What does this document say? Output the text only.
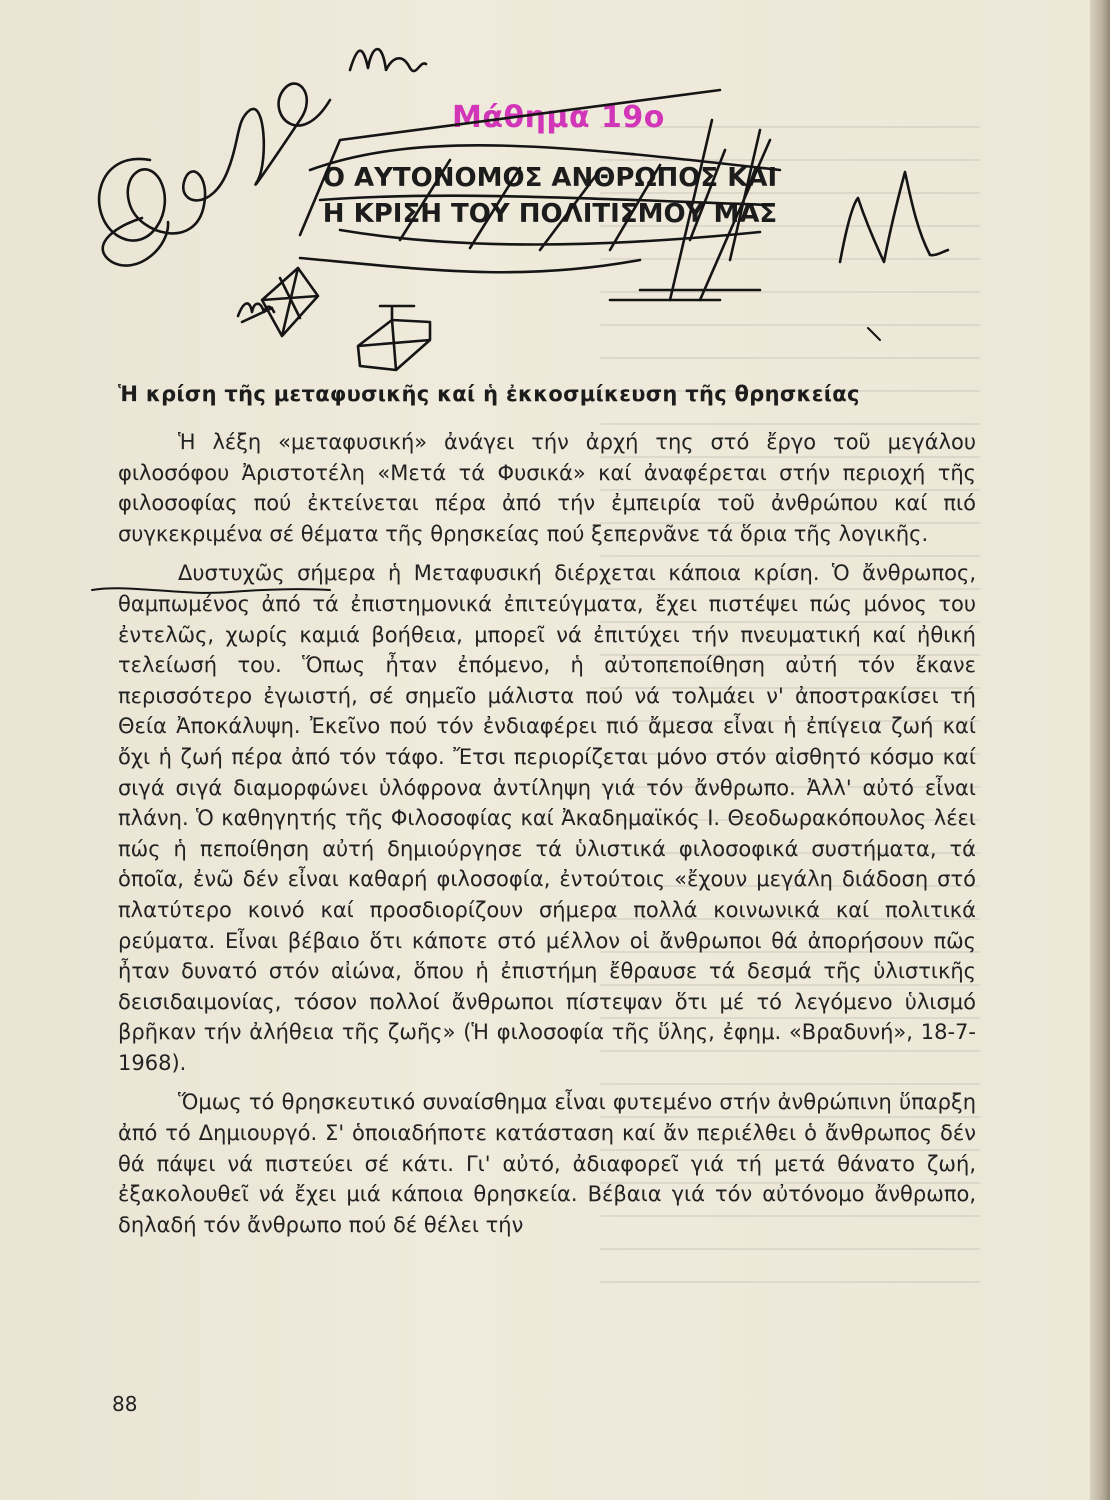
Μάθημα 19ο
Ο ΑΥΤΟΝΟΜΟΣ ΑΝΘΡΩΠΟΣ ΚΑΙ
Η ΚΡΙΣΗ ΤΟΥ ΠΟΛΙΤΙΣΜΟΥ ΜΑΣ
Ἡ κρίση τῆς μεταφυσικῆς καί ἡ ἐκκοσμίκευση τῆς θρησκείας

Ἡ λέξη «μεταφυσική» ἀνάγει τήν ἀρχή της στό ἔργο τοῦ μεγάλου φιλοσόφου Ἀριστοτέλη «Μετά τά Φυσικά» καί ἀναφέρεται στήν περιοχή τῆς φιλοσοφίας πού ἐκτείνεται πέρα ἀπό τήν ἐμπειρία τοῦ ἀνθρώπου καί πιό συγκεκριμένα σέ θέματα τῆς θρησκείας πού ξεπερνᾶνε τά ὅρια τῆς λογικῆς.

Δυστυχῶς σήμερα ἡ Μεταφυσική διέρχεται κάποια κρίση. Ὁ ἄνθρωπος, θαμπωμένος ἀπό τά ἐπιστημονικά ἐπιτεύγματα, ἔχει πιστέψει πώς μόνος του ἐντελῶς, χωρίς καμιά βοήθεια, μπορεῖ νά ἐπιτύχει τήν πνευματική καί ἠθική τελείωσή του. Ὅπως ἦταν ἐπόμενο, ἡ αὐτοπεποίθηση αὐτή τόν ἔκανε περισσότερο ἐγωιστή, σέ σημεῖο μάλιστα πού νά τολμάει ν' ἀποστρακίσει τή Θεία Ἀποκάλυψη. Ἐκεῖνο πού τόν ἐνδιαφέρει πιό ἄμεσα εἶναι ἡ ἐπίγεια ζωή καί ὄχι ἡ ζωή πέρα ἀπό τόν τάφο. Ἔτσι περιορίζεται μόνο στόν αἰσθητό κόσμο καί σιγά σιγά διαμορφώνει ὑλόφρονα ἀντίληψη γιά τόν ἄνθρωπο. Ἀλλ' αὐτό εἶναι πλάνη. Ὁ καθηγητής τῆς Φιλοσοφίας καί Ἀκαδημαϊκός Ι. Θεοδωρακόπουλος λέει πώς ἡ πεποίθηση αὐτή δημιούργησε τά ὑλιστικά φιλοσοφικά συστήματα, τά ὁποῖα, ἐνῶ δέν εἶναι καθαρή φιλοσοφία, ἐντούτοις «ἔχουν μεγάλη διάδοση στό πλατύτερο κοινό καί προσδιορίζουν σήμερα πολλά κοινωνικά καί πολιτικά ρεύματα. Εἶναι βέβαιο ὅτι κάποτε στό μέλλον οἱ ἄνθρωποι θά ἀπορήσουν πῶς ἦταν δυνατό στόν αἰώνα, ὅπου ἡ ἐπιστήμη ἔθραυσε τά δεσμά τῆς ὑλιστικῆς δεισιδαιμονίας, τόσον πολλοί ἄνθρωποι πίστεψαν ὅτι μέ τό λεγόμενο ὑλισμό βρῆκαν τήν ἀλήθεια τῆς ζωῆς» (Ἡ φιλοσοφία τῆς ὕλης, ἐφημ. «Βραδυνή», 18-7-1968).

Ὅμως τό θρησκευτικό συναίσθημα εἶναι φυτεμένο στήν ἀνθρώπινη ὕπαρξη ἀπό τό Δημιουργό. Σ' ὁποιαδήποτε κατάσταση καί ἄν περιέλθει ὁ ἄνθρωπος δέν θά πάψει νά πιστεύει σέ κάτι. Γι' αὐτό, ἀδιαφορεῖ γιά τή μετά θάνατο ζωή, ἐξακολουθεῖ νά ἔχει μιά κάποια θρησκεία. Βέβαια γιά τόν αὐτόνομο ἄνθρωπο, δηλαδή τόν ἄνθρωπο πού δέ θέλει τήν

88
